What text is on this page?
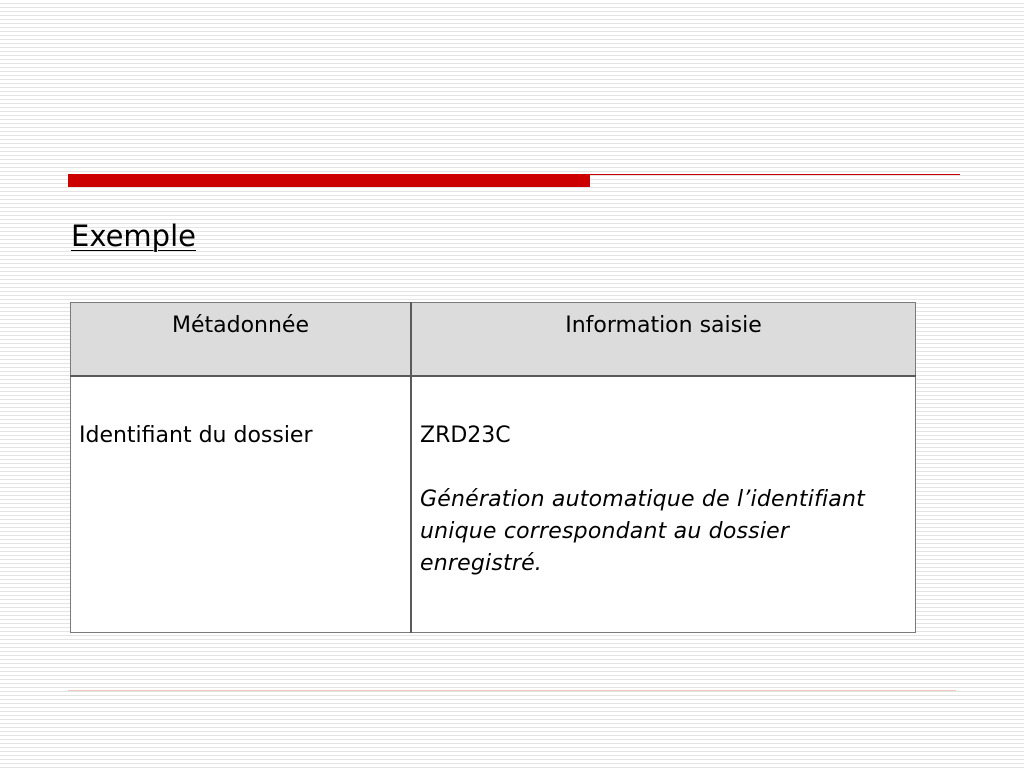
Exemple
Métadonnée	Information saisie

Identifiant du dossier	ZRD23C
Génération automatique de l’identifiant unique correspondant au dossier enregistré.
